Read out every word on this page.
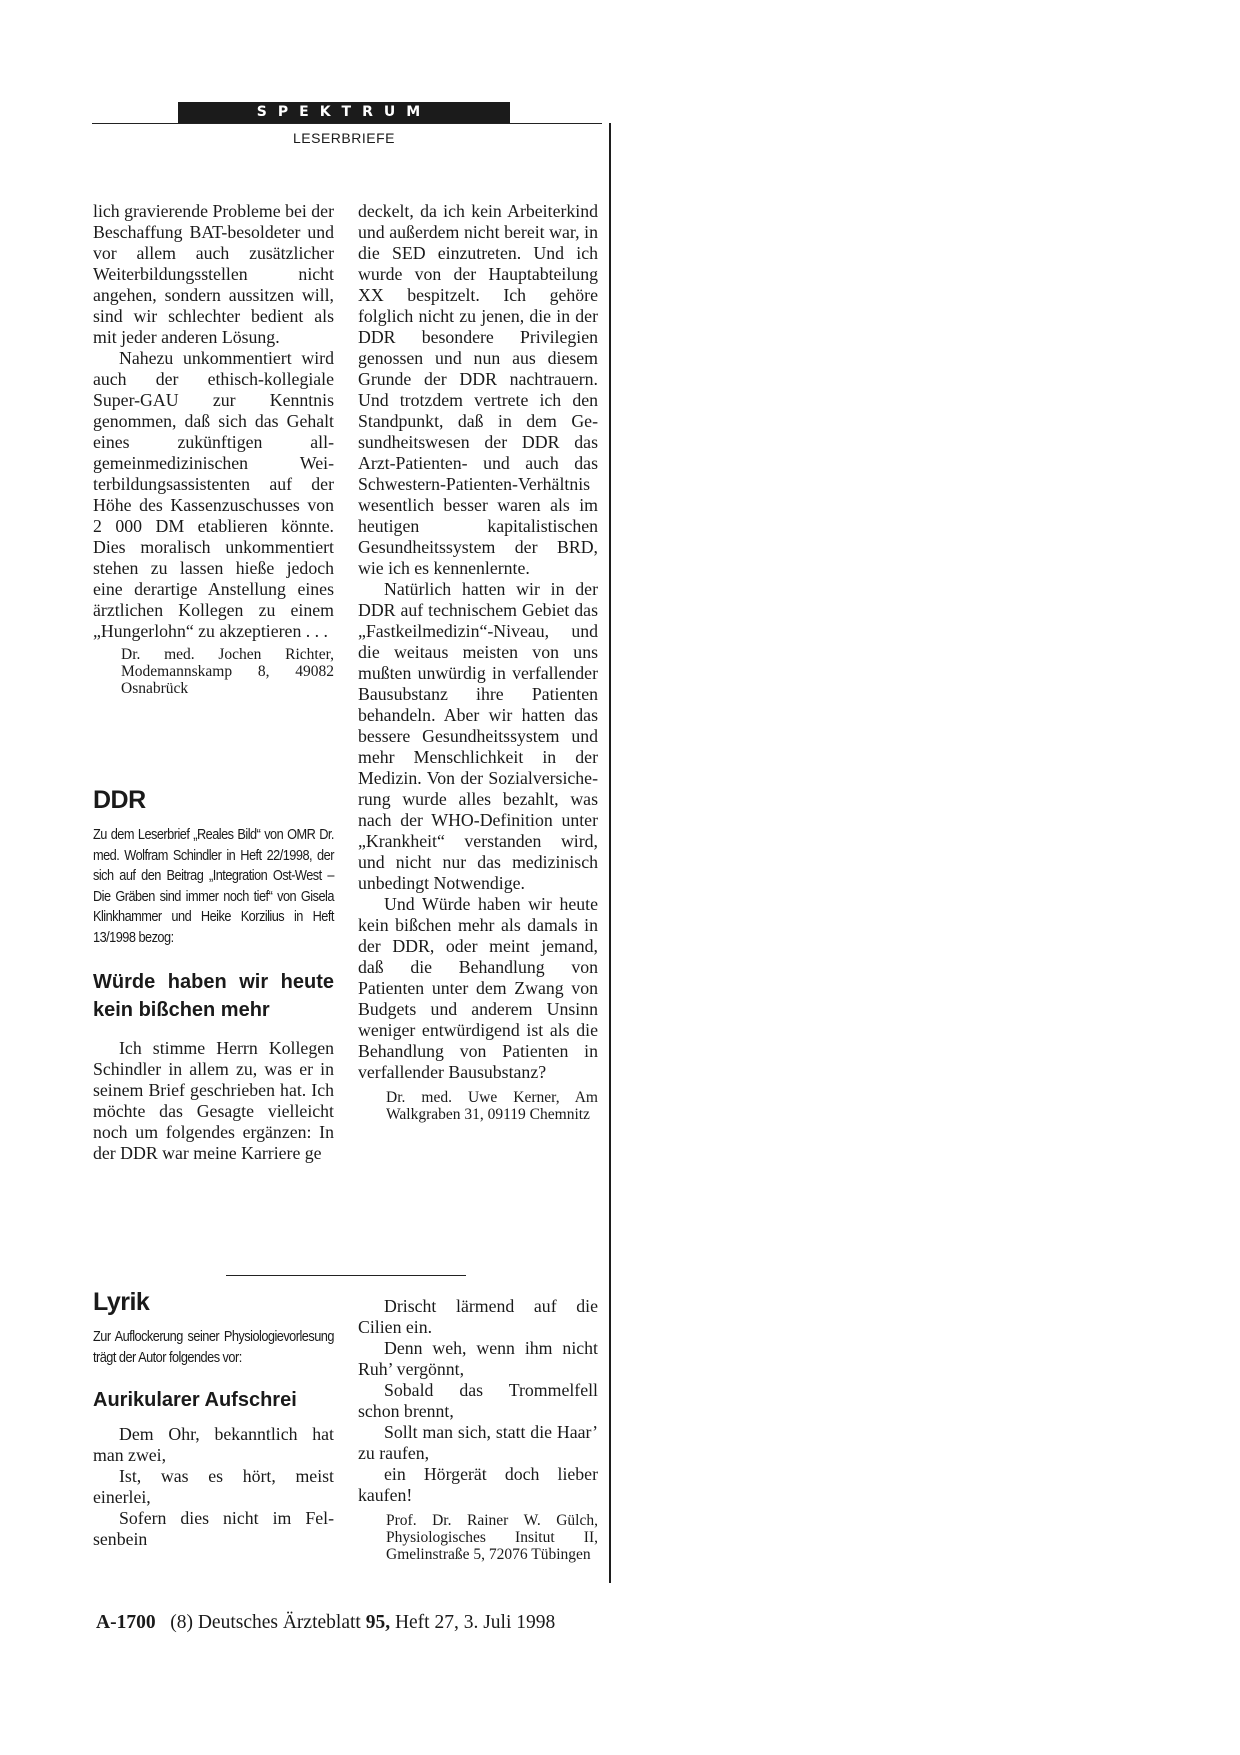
SPEKTRUM
LESERBRIEFE

lich gravierende Probleme bei der Beschaffung BAT-besoldeter und vor allem auch zusätzlicher Weiterbildungsstellen nicht angehen, sondern aussitzen will, sind wir schlechter bedient als mit jeder anderen Lösung.

Nahezu unkommentiert wird auch der ethisch-kollegiale Super-GAU zur Kenntnis genommen, daß sich das Gehalt eines zukünftigen allgemeinmedizinischen Weiterbildungsassistenten auf der Höhe des Kassenzuschusses von 2 000 DM etablieren könnte. Dies moralisch unkommentiert stehen zu lassen hieße jedoch eine derartige Anstellung eines ärztlichen Kollegen zu einem „Hungerlohn“ zu akzeptieren . . .

Dr. med. Jochen Richter, Modemannskamp 8, 49082 Osnabrück

DDR

Zu dem Leserbrief „Reales Bild“ von OMR Dr. med. Wolfram Schindler in Heft 22/1998, der sich auf den Beitrag „Integration Ost-West – Die Gräben sind immer noch tief“ von Gisela Klinkhammer und Heike Korzilius in Heft 13/1998 bezog:

Würde haben wir heute kein bißchen mehr

Ich stimme Herrn Kollegen Schindler in allem zu, was er in seinem Brief geschrieben hat. Ich möchte das Gesagte vielleicht noch um folgendes ergänzen: In der DDR war meine Karriere ge

deckelt, da ich kein Arbeiterkind und außerdem nicht bereit war, in die SED einzutreten. Und ich wurde von der Hauptabteilung XX bespitzelt. Ich gehöre folglich nicht zu jenen, die in der DDR besondere Privilegien genossen und nun aus diesem Grunde der DDR nachtrauern. Und trotzdem vertrete ich den Standpunkt, daß in dem Gesundheitswesen der DDR das Arzt-Patienten- und auch das Schwestern-Patienten-Verhältnis wesentlich besser waren als im heutigen kapitalistischen Gesundheitssystem der BRD, wie ich es kennenlernte.

Natürlich hatten wir in der DDR auf technischem Gebiet das „Fastkeilmedizin“-Niveau, und die weitaus meisten von uns mußten unwürdig in verfallender Bausubstanz ihre Patienten behandeln. Aber wir hatten das bessere Gesundheitssystem und mehr Menschlichkeit in der Medizin. Von der Sozialversicherung wurde alles bezahlt, was nach der WHO-Definition unter „Krankheit“ verstanden wird, und nicht nur das medizinisch unbedingt Notwendige.

Und Würde haben wir heute kein bißchen mehr als damals in der DDR, oder meint jemand, daß die Behandlung von Patienten unter dem Zwang von Budgets und anderem Unsinn weniger entwürdigend ist als die Behandlung von Patienten in verfallender Bausubstanz?

Dr. med. Uwe Kerner, Am Walkgraben 31, 09119 Chemnitz

Lyrik

Zur Auflockerung seiner Physiologievorlesung trägt der Autor folgendes vor:

Aurikularer Aufschrei

Dem Ohr, bekanntlich hat man zwei,

Ist, was es hört, meist einerlei,

Sofern dies nicht im Felsenbein

Drischt lärmend auf die Cilien ein.

Denn weh, wenn ihm nicht Ruh’ vergönnt,

Sobald das Trommelfell schon brennt,

Sollt man sich, statt die Haar’ zu raufen,

ein Hörgerät doch lieber kaufen!

Prof. Dr. Rainer W. Gülch, Physiologisches Insitut II, Gmelinstraße 5, 72076 Tübingen

A-1700 (8) Deutsches Ärzteblatt 95, Heft 27, 3. Juli 1998
